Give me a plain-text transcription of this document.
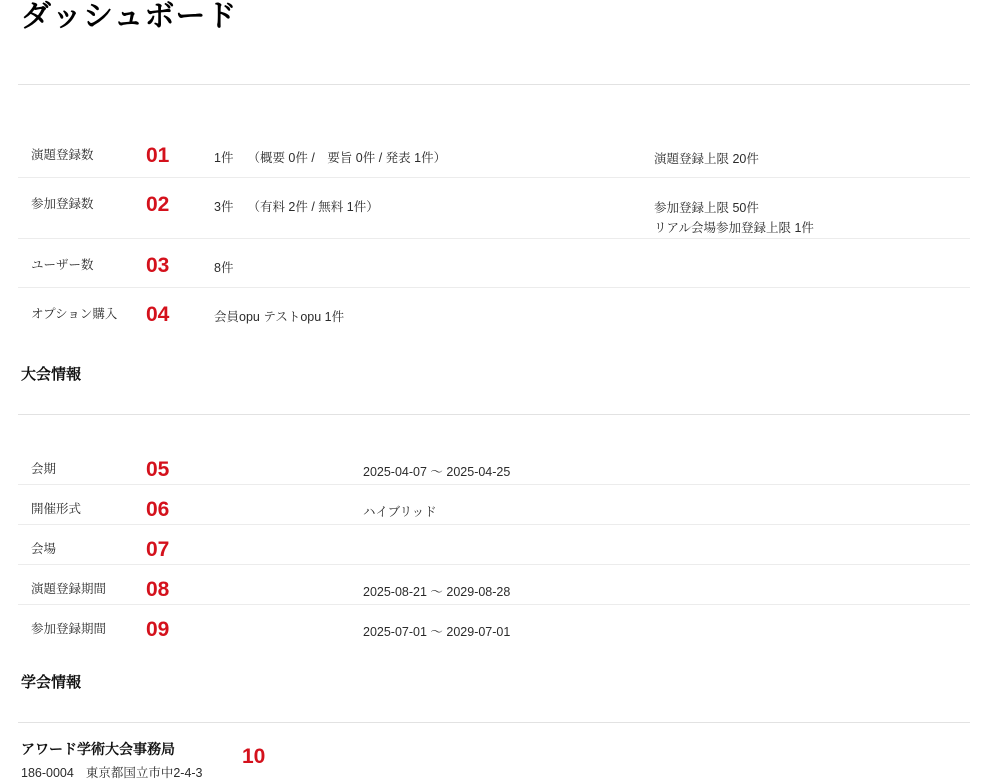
ダッシュボード
演題登録数	01	1件 （概要 0件 /　要旨 0件 / 発表 1件）	演題登録上限 20件
参加登録数	02	3件 （有料 2件 / 無料 1件）	参加登録上限 50件
リアル会場参加登録上限 1件
ユーザー数	03	8件
オプション購入	04	会員opu テストopu 1件
大会情報
会期	05	2025-04-07 〜 2025-04-25
開催形式	06	ハイブリッド
会場	07
演題登録期間	08	2025-08-21 〜 2029-08-28
参加登録期間	09	2025-07-01 〜 2029-07-01
学会情報
アワード学術大会事務局
186-0004 東京都国立市中2-4-3
10
